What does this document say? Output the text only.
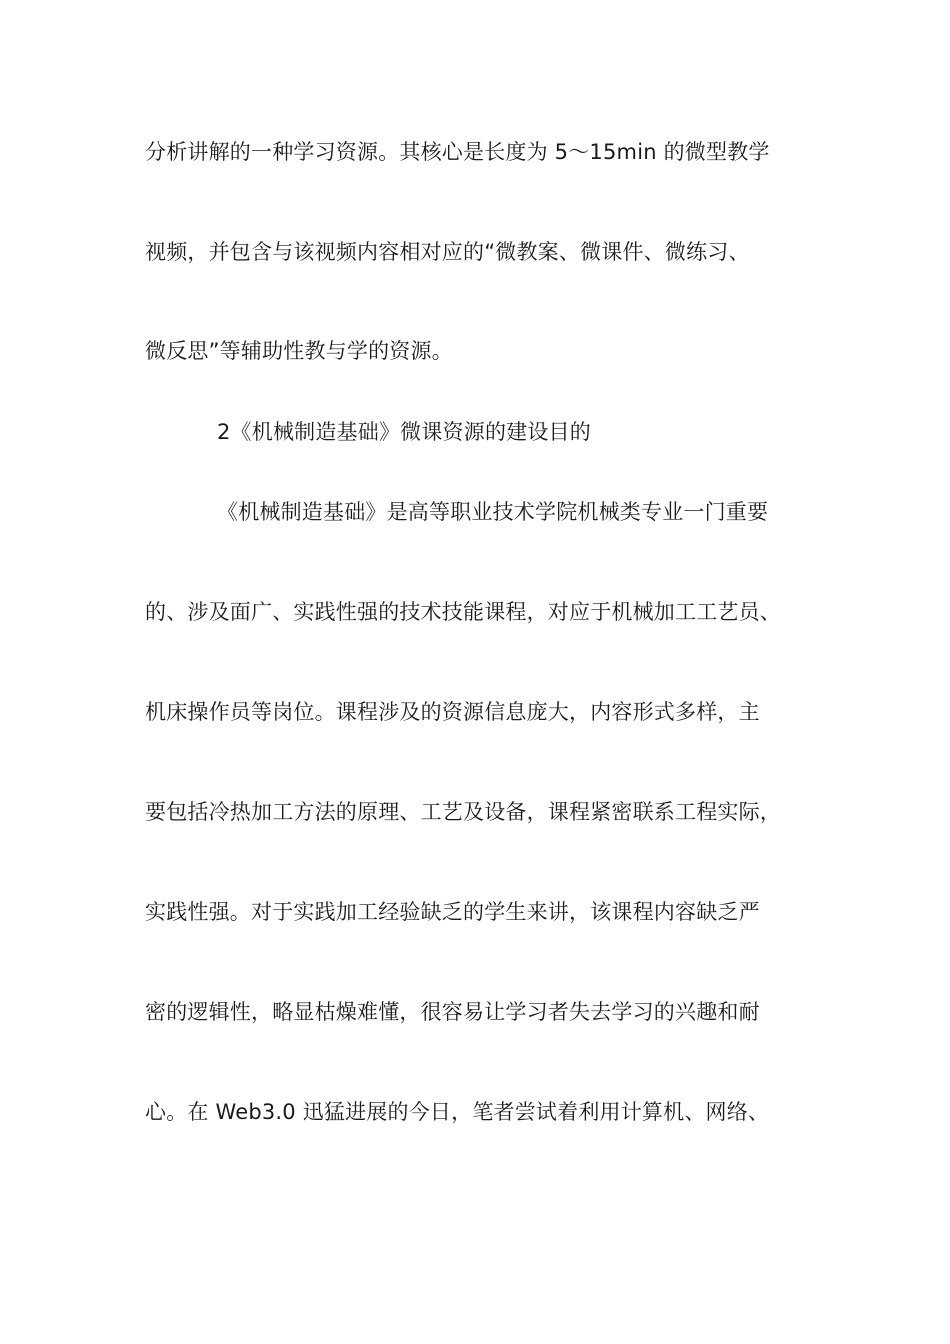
分析讲解的一种学习资源。其核心是长度为 5～15min 的微型教学
视频，并包含与该视频内容相对应的“微教案、微课件、微练习、
微反思”等辅助性教与学的资源。
2《机械制造基础》微课资源的建设目的
《机械制造基础》是高等职业技术学院机械类专业一门重要
的、涉及面广、实践性强的技术技能课程，对应于机械加工工艺员、
机床操作员等岗位。课程涉及的资源信息庞大，内容形式多样，主
要包括冷热加工方法的原理、工艺及设备，课程紧密联系工程实际，
实践性强。对于实践加工经验缺乏的学生来讲，该课程内容缺乏严
密的逻辑性，略显枯燥难懂，很容易让学习者失去学习的兴趣和耐
心。在 Web3.0 迅猛进展的今日，笔者尝试着利用计算机、网络、
